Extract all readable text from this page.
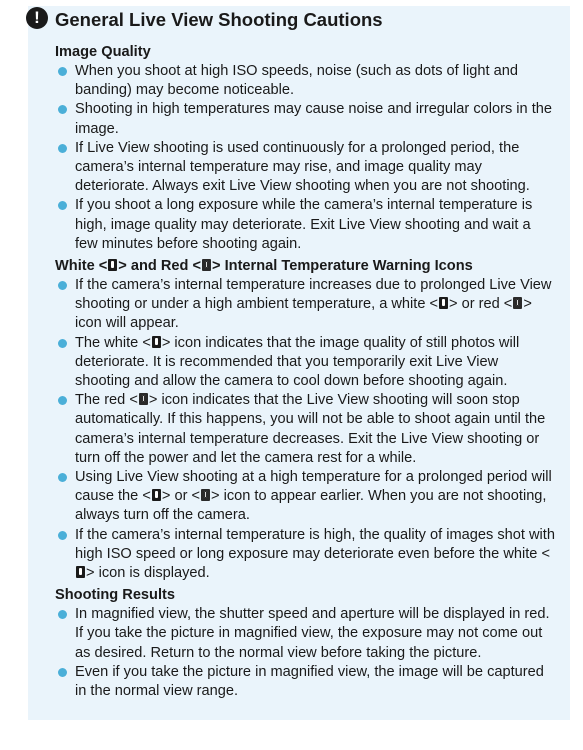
! General Live View Shooting Cautions
Image Quality
When you shoot at high ISO speeds, noise (such as dots of light and banding) may become noticeable.
Shooting in high temperatures may cause noise and irregular colors in the image.
If Live View shooting is used continuously for a prolonged period, the camera’s internal temperature may rise, and image quality may deteriorate. Always exit Live View shooting when you are not shooting.
If you shoot a long exposure while the camera’s internal temperature is high, image quality may deteriorate. Exit Live View shooting and wait a few minutes before shooting again.
White < > and Red < > Internal Temperature Warning Icons
If the camera’s internal temperature increases due to prolonged Live View shooting or under a high ambient temperature, a white < > or red < > icon will appear.
The white < > icon indicates that the image quality of still photos will deteriorate. It is recommended that you temporarily exit Live View shooting and allow the camera to cool down before shooting again.
The red < > icon indicates that the Live View shooting will soon stop automatically. If this happens, you will not be able to shoot again until the camera’s internal temperature decreases. Exit the Live View shooting or turn off the power and let the camera rest for a while.
Using Live View shooting at a high temperature for a prolonged period will cause the < > or < > icon to appear earlier. When you are not shooting, always turn off the camera.
If the camera’s internal temperature is high, the quality of images shot with high ISO speed or long exposure may deteriorate even before the white <> icon is displayed.
Shooting Results
In magnified view, the shutter speed and aperture will be displayed in red. If you take the picture in magnified view, the exposure may not come out as desired. Return to the normal view before taking the picture.
Even if you take the picture in magnified view, the image will be captured in the normal view range.
